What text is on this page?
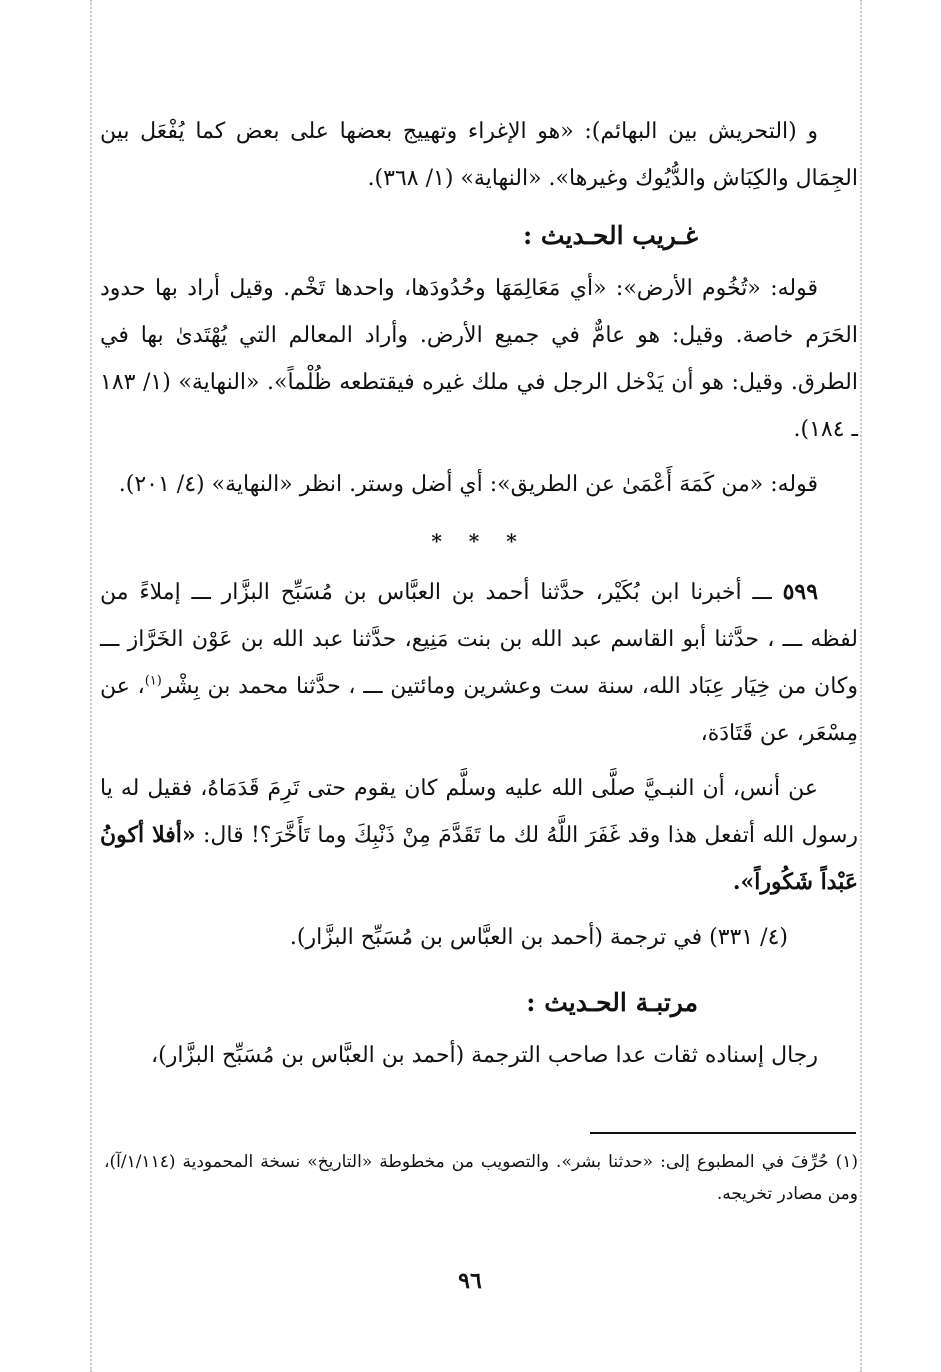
و (التحريش بين البهائم): «هو الإغراء وتهييج بعضها على بعض كما يُفْعَل بين الجِمَال والكِبَاش والدُّيُوك وغيرها». «النهاية» (١/ ٣٦٨).

غـريب الحـديث :

قوله: «تُخُوم الأرض»: «أي مَعَالِمَهَا وحُدُودَها، واحدها تَخْم. وقيل أراد بها حدود الحَرَم خاصة. وقيل: هو عامٌّ في جميع الأرض. وأراد المعالم التي يُهْتَدىٰ بها في الطرق. وقيل: هو أن يَدْخل الرجل في ملك غيره فيقتطعه ظُلْماً». «النهاية» (١/ ١٨٣ ـ ١٨٤).

قوله: «من كَمَهَ أَعْمَىٰ عن الطريق»: أي أضل وستر. انظر «النهاية» (٤/ ٢٠١).

* * *

٥٩٩ ـــ أخبرنا ابن بُكَيْر، حدَّثنا أحمد بن العبَّاس بن مُسَبِّح البزَّار ـــ إملاءً من لفظه ـــ ، حدَّثنا أبو القاسم عبد الله بن بنت مَنِيع، حدَّثنا عبد الله بن عَوْن الخَرَّاز ـــ وكان من خِيَار عِبَاد الله، سنة ست وعشرين ومائتين ـــ ، حدَّثنا محمد بن بِشْر$^{(١)}$، عن مِسْعَر، عن قَتَادَة،

عن أنس، أن النبـيَّ صلَّى الله عليه وسلَّم كان يقوم حتى تَرِمَ قَدَمَاهُ، فقيل له يا رسول الله أتفعل هذا وقد غَفَرَ اللَّهُ لك ما تَقَدَّمَ مِنْ ذَنْبِكَ وما تَأَخَّرَ؟! قال: «أفلا أكونُ عَبْداً شَكُوراً».

(٤/ ٣٣١) في ترجمة (أحمد بن العبَّاس بن مُسَبِّح البزَّار).

مرتبـة الحـديث :

رجال إسناده ثقات عدا صاحب الترجمة (أحمد بن العبَّاس بن مُسَبِّح البزَّار)،

(١) حُرِّفَ في المطبوع إلى: «حدثنا بشر». والتصويب من مخطوطة «التاريخ» نسخة المحمودية (١/١١٤/آ)، ومن مصادر تخريجه.

٩٦
